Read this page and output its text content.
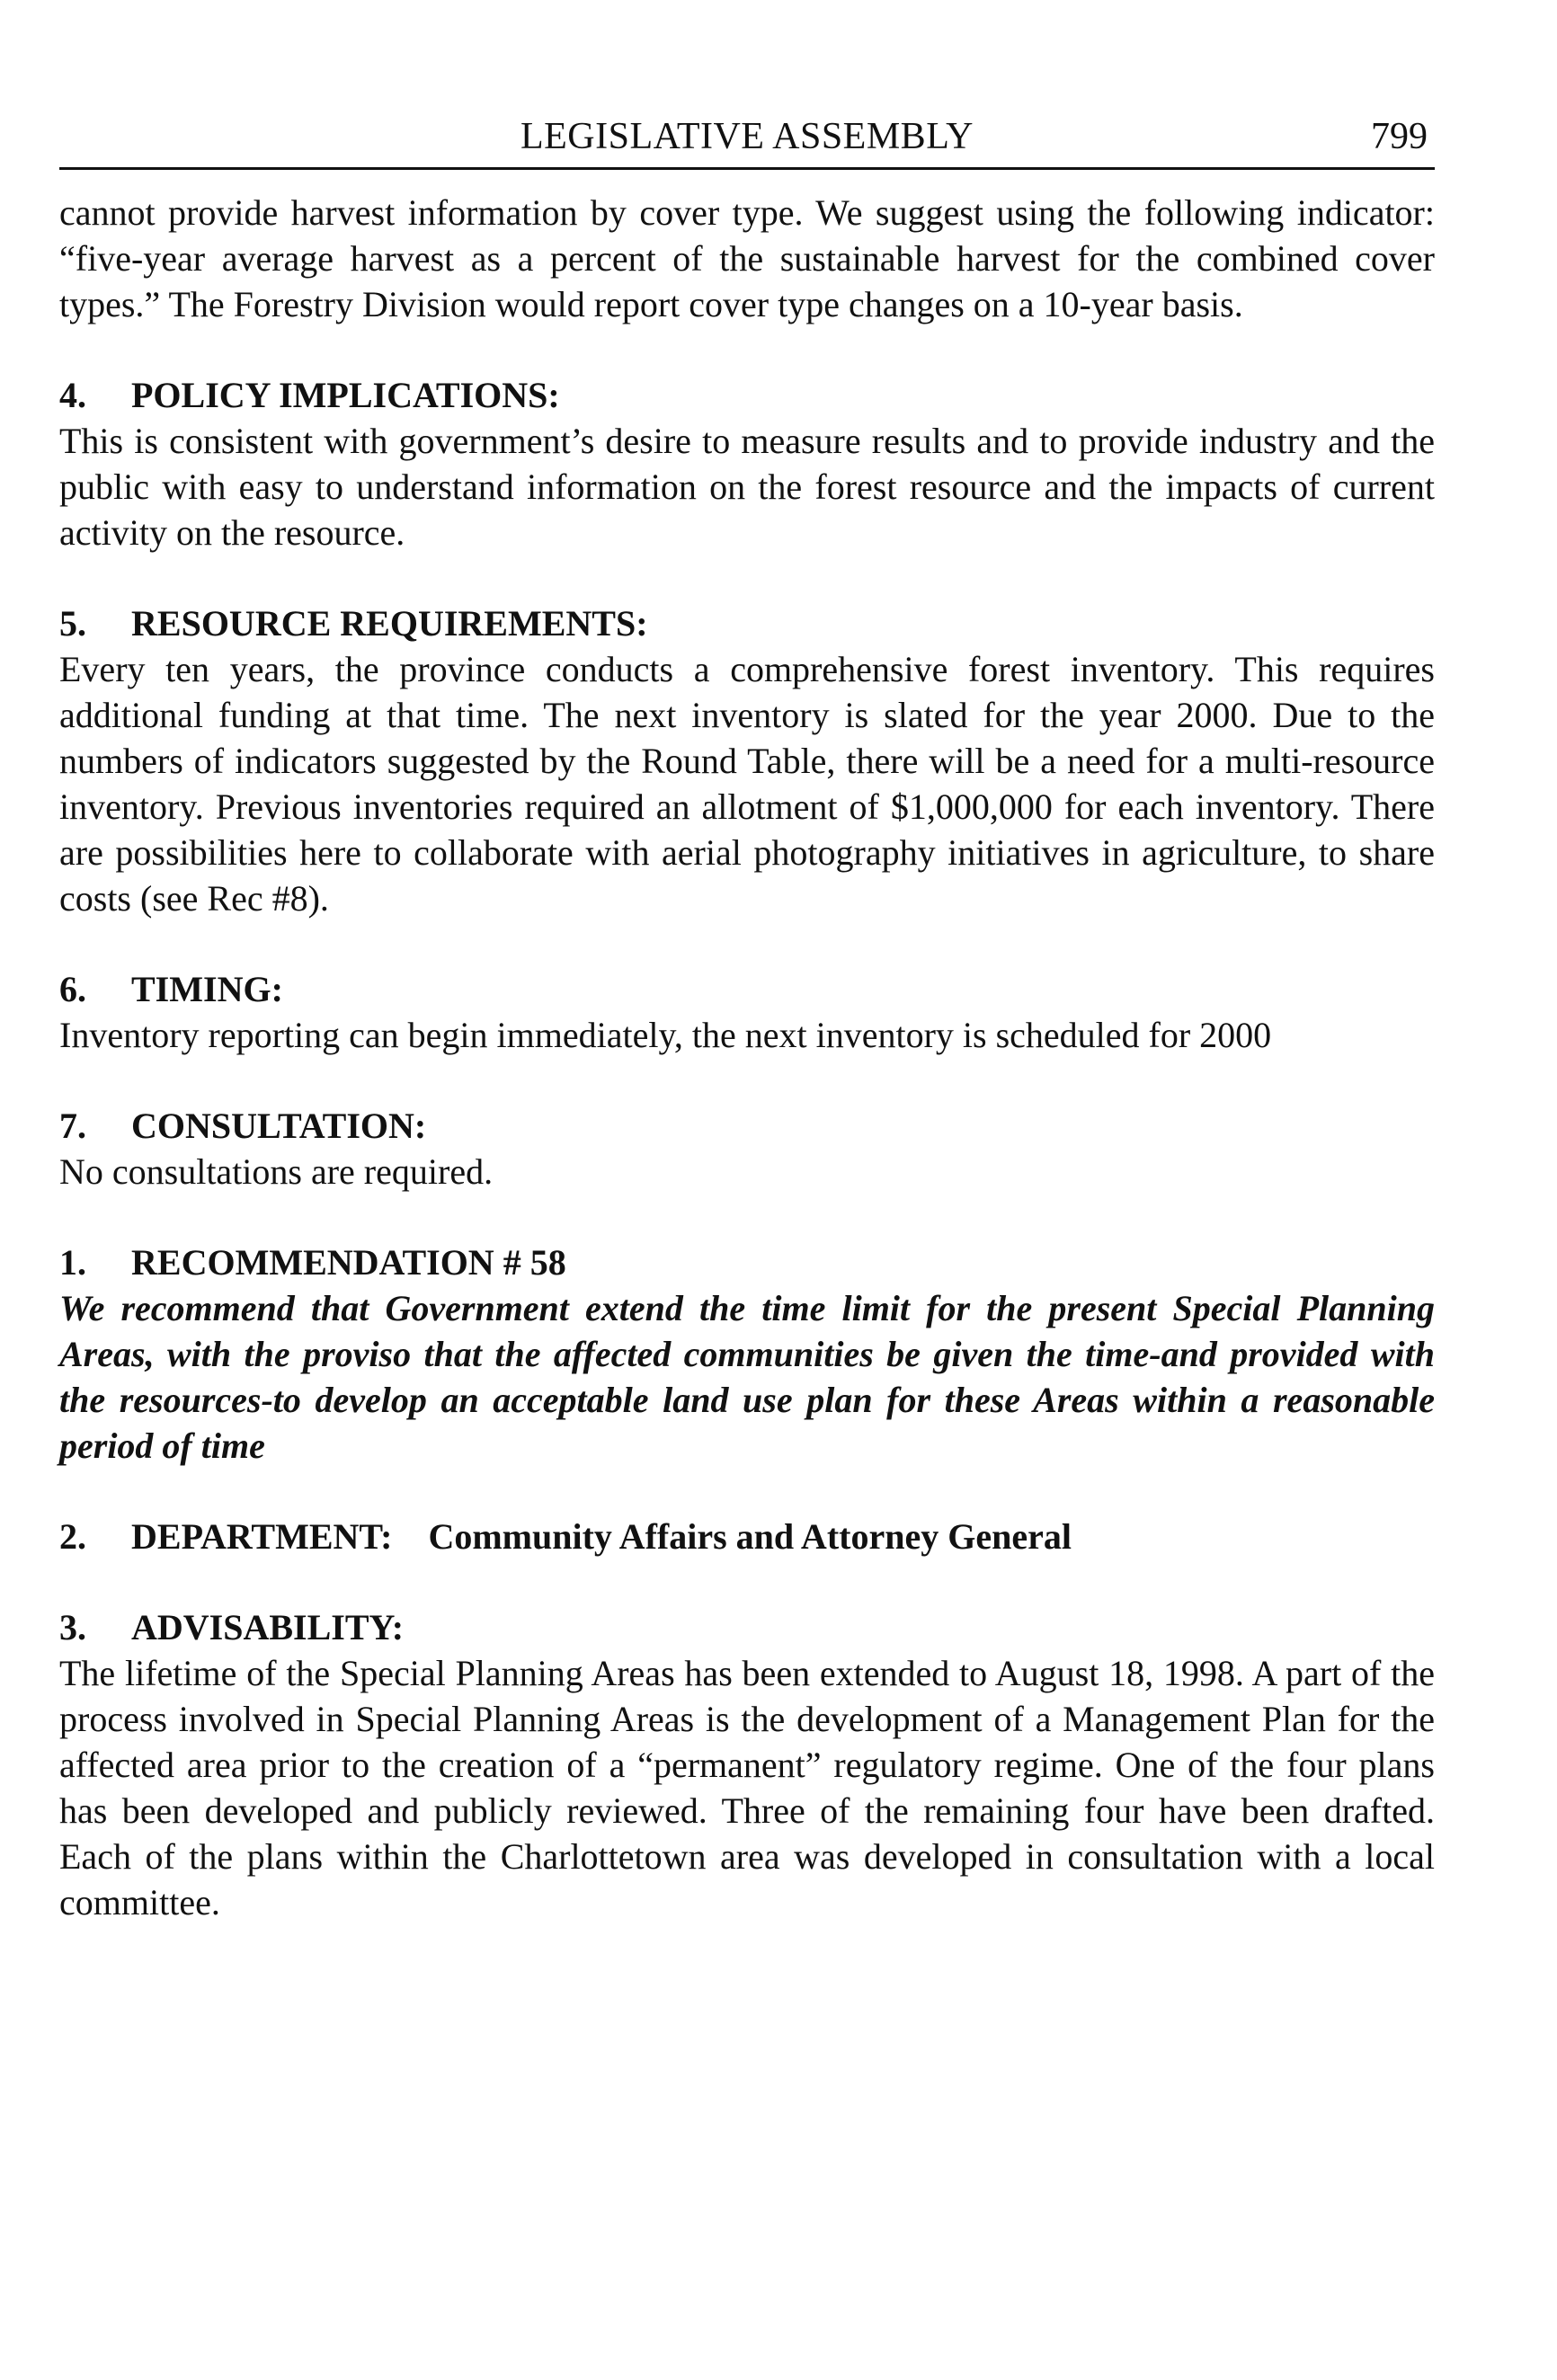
LEGISLATIVE ASSEMBLY	799

cannot provide harvest information by cover type. We suggest using the following indicator: “five-year average harvest as a percent of the sustainable harvest for the combined cover types.” The Forestry Division would report cover type changes on a 10-year basis.

4. POLICY IMPLICATIONS:

This is consistent with government’s desire to measure results and to provide industry and the public with easy to understand information on the forest resource and the impacts of current activity on the resource.

5. RESOURCE REQUIREMENTS:

Every ten years, the province conducts a comprehensive forest inventory. This requires additional funding at that time. The next inventory is slated for the year 2000. Due to the numbers of indicators suggested by the Round Table, there will be a need for a multi-resource inventory. Previous inventories required an allotment of $1,000,000 for each inventory. There are possibilities here to collaborate with aerial photography initiatives in agriculture, to share costs (see Rec #8).

6. TIMING:

Inventory reporting can begin immediately, the next inventory is scheduled for 2000

7. CONSULTATION:

No consultations are required.

1. RECOMMENDATION # 58

We recommend that Government extend the time limit for the present Special Planning Areas, with the proviso that the affected communities be given the time-and provided with the resources-to develop an acceptable land use plan for these Areas within a reasonable period of time

2. DEPARTMENT: Community Affairs and Attorney General
3. ADVISABILITY:

The lifetime of the Special Planning Areas has been extended to August 18, 1998. A part of the process involved in Special Planning Areas is the development of a Management Plan for the affected area prior to the creation of a “permanent” regulatory regime. One of the four plans has been developed and publicly reviewed. Three of the remaining four have been drafted. Each of the plans within the Charlottetown area was developed in consultation with a local committee.
